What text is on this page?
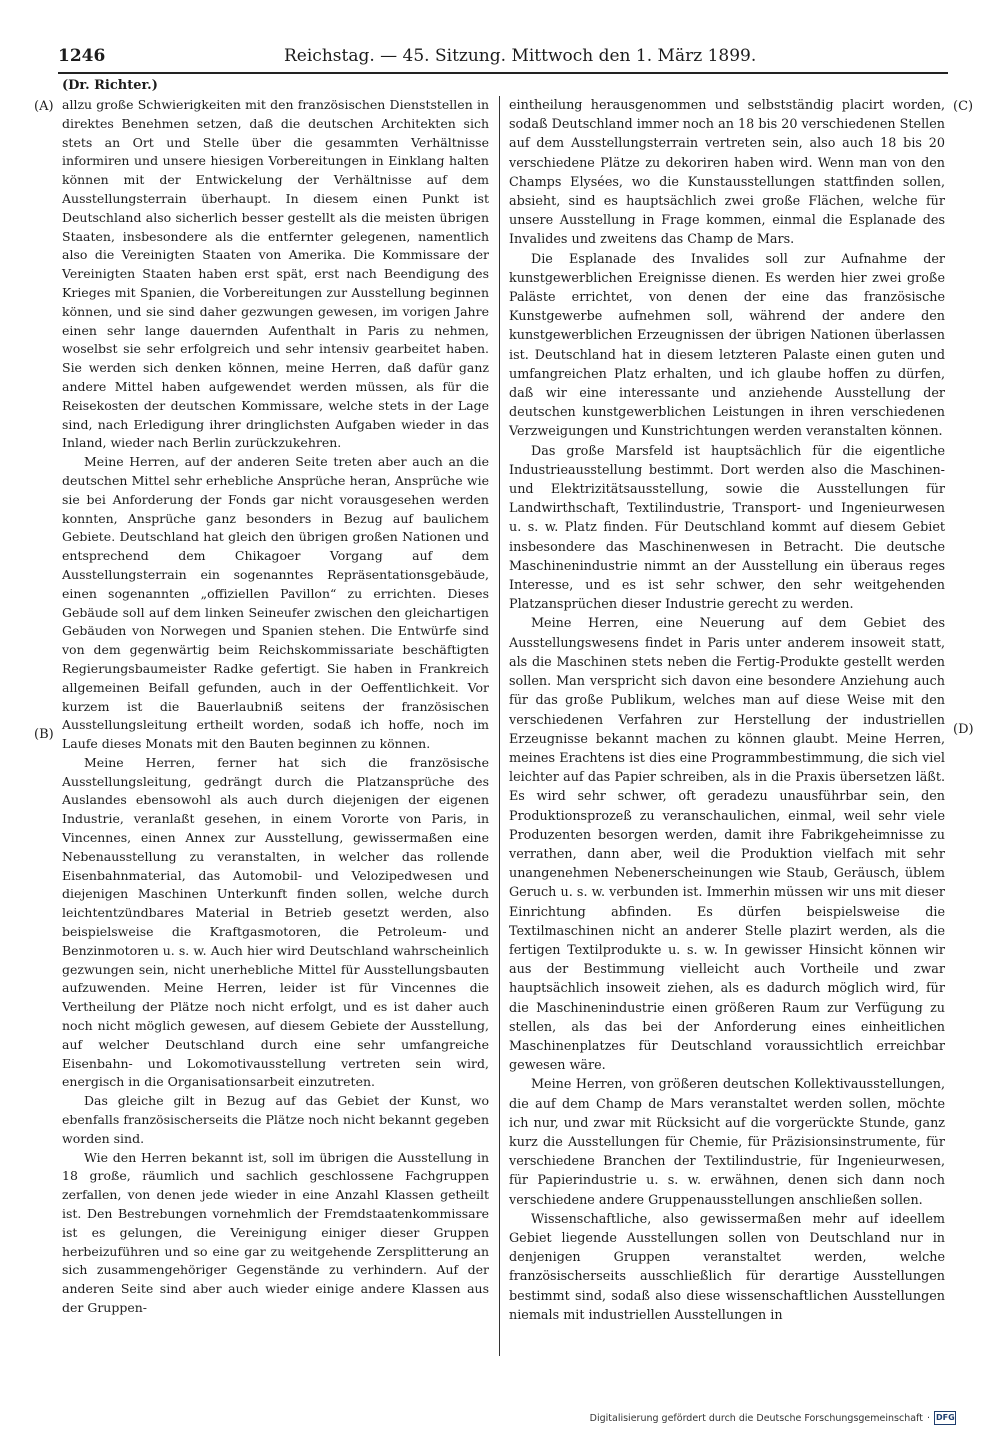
1246	Reichstag. — 45. Sitzung. Mittwoch den 1. März 1899.
(Dr. Richter.)
(A)
(B)
(C)
(D)

allzu große Schwierigkeiten mit den französischen Dienststellen in direktes Benehmen setzen, daß die deutschen Architekten sich stets an Ort und Stelle über die gesammten Verhältnisse informiren und unsere hiesigen Vorbereitungen in Einklang halten können mit der Entwickelung der Verhältnisse auf dem Ausstellungsterrain überhaupt. In diesem einen Punkt ist Deutschland also sicherlich besser gestellt als die meisten übrigen Staaten, insbesondere als die entfernter gelegenen, namentlich also die Vereinigten Staaten von Amerika. Die Kommissare der Vereinigten Staaten haben erst spät, erst nach Beendigung des Krieges mit Spanien, die Vorbereitungen zur Ausstellung beginnen können, und sie sind daher gezwungen gewesen, im vorigen Jahre einen sehr lange dauernden Aufenthalt in Paris zu nehmen, woselbst sie sehr erfolgreich und sehr intensiv gearbeitet haben. Sie werden sich denken können, meine Herren, daß dafür ganz andere Mittel haben aufgewendet werden müssen, als für die Reisekosten der deutschen Kommissare, welche stets in der Lage sind, nach Erledigung ihrer dringlichsten Aufgaben wieder in das Inland, wieder nach Berlin zurückzukehren.

Meine Herren, auf der anderen Seite treten aber auch an die deutschen Mittel sehr erhebliche Ansprüche heran, Ansprüche wie sie bei Anforderung der Fonds gar nicht vorausgesehen werden konnten, Ansprüche ganz besonders in Bezug auf baulichem Gebiete. Deutschland hat gleich den übrigen großen Nationen und entsprechend dem Chikagoer Vorgang auf dem Ausstellungsterrain ein sogenanntes Repräsentationsgebäude, einen sogenannten „offiziellen Pavillon“ zu errichten. Dieses Gebäude soll auf dem linken Seineufer zwischen den gleichartigen Gebäuden von Norwegen und Spanien stehen. Die Entwürfe sind von dem gegenwärtig beim Reichskommissariate beschäftigten Regierungsbaumeister Radke gefertigt. Sie haben in Frankreich allgemeinen Beifall gefunden, auch in der Oeffentlichkeit. Vor kurzem ist die Bauerlaubniß seitens der französischen Ausstellungsleitung ertheilt worden, sodaß ich hoffe, noch im Laufe dieses Monats mit den Bauten beginnen zu können.

Meine Herren, ferner hat sich die französische Ausstellungsleitung, gedrängt durch die Platzansprüche des Auslandes ebensowohl als auch durch diejenigen der eigenen Industrie, veranlaßt gesehen, in einem Vororte von Paris, in Vincennes, einen Annex zur Ausstellung, gewissermaßen eine Nebenausstellung zu veranstalten, in welcher das rollende Eisenbahnmaterial, das Automobil- und Velozipedwesen und diejenigen Maschinen Unterkunft finden sollen, welche durch leichtentzündbares Material in Betrieb gesetzt werden, also beispielsweise die Kraftgasmotoren, die Petroleum- und Benzinmotoren u. s. w. Auch hier wird Deutschland wahrscheinlich gezwungen sein, nicht unerhebliche Mittel für Ausstellungsbauten aufzuwenden. Meine Herren, leider ist für Vincennes die Vertheilung der Plätze noch nicht erfolgt, und es ist daher auch noch nicht möglich gewesen, auf diesem Gebiete der Ausstellung, auf welcher Deutschland durch eine sehr umfangreiche Eisenbahn- und Lokomotivausstellung vertreten sein wird, energisch in die Organisationsarbeit einzutreten.

Das gleiche gilt in Bezug auf das Gebiet der Kunst, wo ebenfalls französischerseits die Plätze noch nicht bekannt gegeben worden sind.

Wie den Herren bekannt ist, soll im übrigen die Ausstellung in 18 große, räumlich und sachlich geschlossene Fachgruppen zerfallen, von denen jede wieder in eine Anzahl Klassen getheilt ist. Den Bestrebungen vornehmlich der Fremdstaatenkommissare ist es gelungen, die Vereinigung einiger dieser Gruppen herbeizuführen und so eine gar zu weitgehende Zersplitterung an sich zusammengehöriger Gegenstände zu verhindern. Auf der anderen Seite sind aber auch wieder einige andere Klassen aus der Gruppen-

eintheilung herausgenommen und selbstständig placirt worden, sodaß Deutschland immer noch an 18 bis 20 verschiedenen Stellen auf dem Ausstellungsterrain vertreten sein, also auch 18 bis 20 verschiedene Plätze zu dekoriren haben wird. Wenn man von den Champs Elysées, wo die Kunstausstellungen stattfinden sollen, absieht, sind es hauptsächlich zwei große Flächen, welche für unsere Ausstellung in Frage kommen, einmal die Esplanade des Invalides und zweitens das Champ de Mars.

Die Esplanade des Invalides soll zur Aufnahme der kunstgewerblichen Ereignisse dienen. Es werden hier zwei große Paläste errichtet, von denen der eine das französische Kunstgewerbe aufnehmen soll, während der andere den kunstgewerblichen Erzeugnissen der übrigen Nationen überlassen ist. Deutschland hat in diesem letzteren Palaste einen guten und umfangreichen Platz erhalten, und ich glaube hoffen zu dürfen, daß wir eine interessante und anziehende Ausstellung der deutschen kunstgewerblichen Leistungen in ihren verschiedenen Verzweigungen und Kunstrichtungen werden veranstalten können.

Das große Marsfeld ist hauptsächlich für die eigentliche Industrieausstellung bestimmt. Dort werden also die Maschinen- und Elektrizitätsausstellung, sowie die Ausstellungen für Landwirthschaft, Textilindustrie, Transport- und Ingenieurwesen u. s. w. Platz finden. Für Deutschland kommt auf diesem Gebiet insbesondere das Maschinenwesen in Betracht. Die deutsche Maschinenindustrie nimmt an der Ausstellung ein überaus reges Interesse, und es ist sehr schwer, den sehr weitgehenden Platzansprüchen dieser Industrie gerecht zu werden.

Meine Herren, eine Neuerung auf dem Gebiet des Ausstellungswesens findet in Paris unter anderem insoweit statt, als die Maschinen stets neben die Fertig-Produkte gestellt werden sollen. Man verspricht sich davon eine besondere Anziehung auch für das große Publikum, welches man auf diese Weise mit den verschiedenen Verfahren zur Herstellung der industriellen Erzeugnisse bekannt machen zu können glaubt. Meine Herren, meines Erachtens ist dies eine Programmbestimmung, die sich viel leichter auf das Papier schreiben, als in die Praxis übersetzen läßt. Es wird sehr schwer, oft geradezu unausführbar sein, den Produktionsprozeß zu veranschaulichen, einmal, weil sehr viele Produzenten besorgen werden, damit ihre Fabrikgeheimnisse zu verrathen, dann aber, weil die Produktion vielfach mit sehr unangenehmen Nebenerscheinungen wie Staub, Geräusch, üblem Geruch u. s. w. verbunden ist. Immerhin müssen wir uns mit dieser Einrichtung abfinden. Es dürfen beispielsweise die Textilmaschinen nicht an anderer Stelle plazirt werden, als die fertigen Textilprodukte u. s. w. In gewisser Hinsicht können wir aus der Bestimmung vielleicht auch Vortheile und zwar hauptsächlich insoweit ziehen, als es dadurch möglich wird, für die Maschinenindustrie einen größeren Raum zur Verfügung zu stellen, als das bei der Anforderung eines einheitlichen Maschinenplatzes für Deutschland voraussichtlich erreichbar gewesen wäre.

Meine Herren, von größeren deutschen Kollektivausstellungen, die auf dem Champ de Mars veranstaltet werden sollen, möchte ich nur, und zwar mit Rücksicht auf die vorgerückte Stunde, ganz kurz die Ausstellungen für Chemie, für Präzisionsinstrumente, für verschiedene Branchen der Textilindustrie, für Ingenieurwesen, für Papierindustrie u. s. w. erwähnen, denen sich dann noch verschiedene andere Gruppenausstellungen anschließen sollen.

Wissenschaftliche, also gewissermaßen mehr auf ideellem Gebiet liegende Ausstellungen sollen von Deutschland nur in denjenigen Gruppen veranstaltet werden, welche französischerseits ausschließlich für derartige Ausstellungen bestimmt sind, sodaß also diese wissenschaftlichen Ausstellungen niemals mit industriellen Ausstellungen in

Digitalisierung gefördert durch die Deutsche Forschungsgemeinschaft · DFG
